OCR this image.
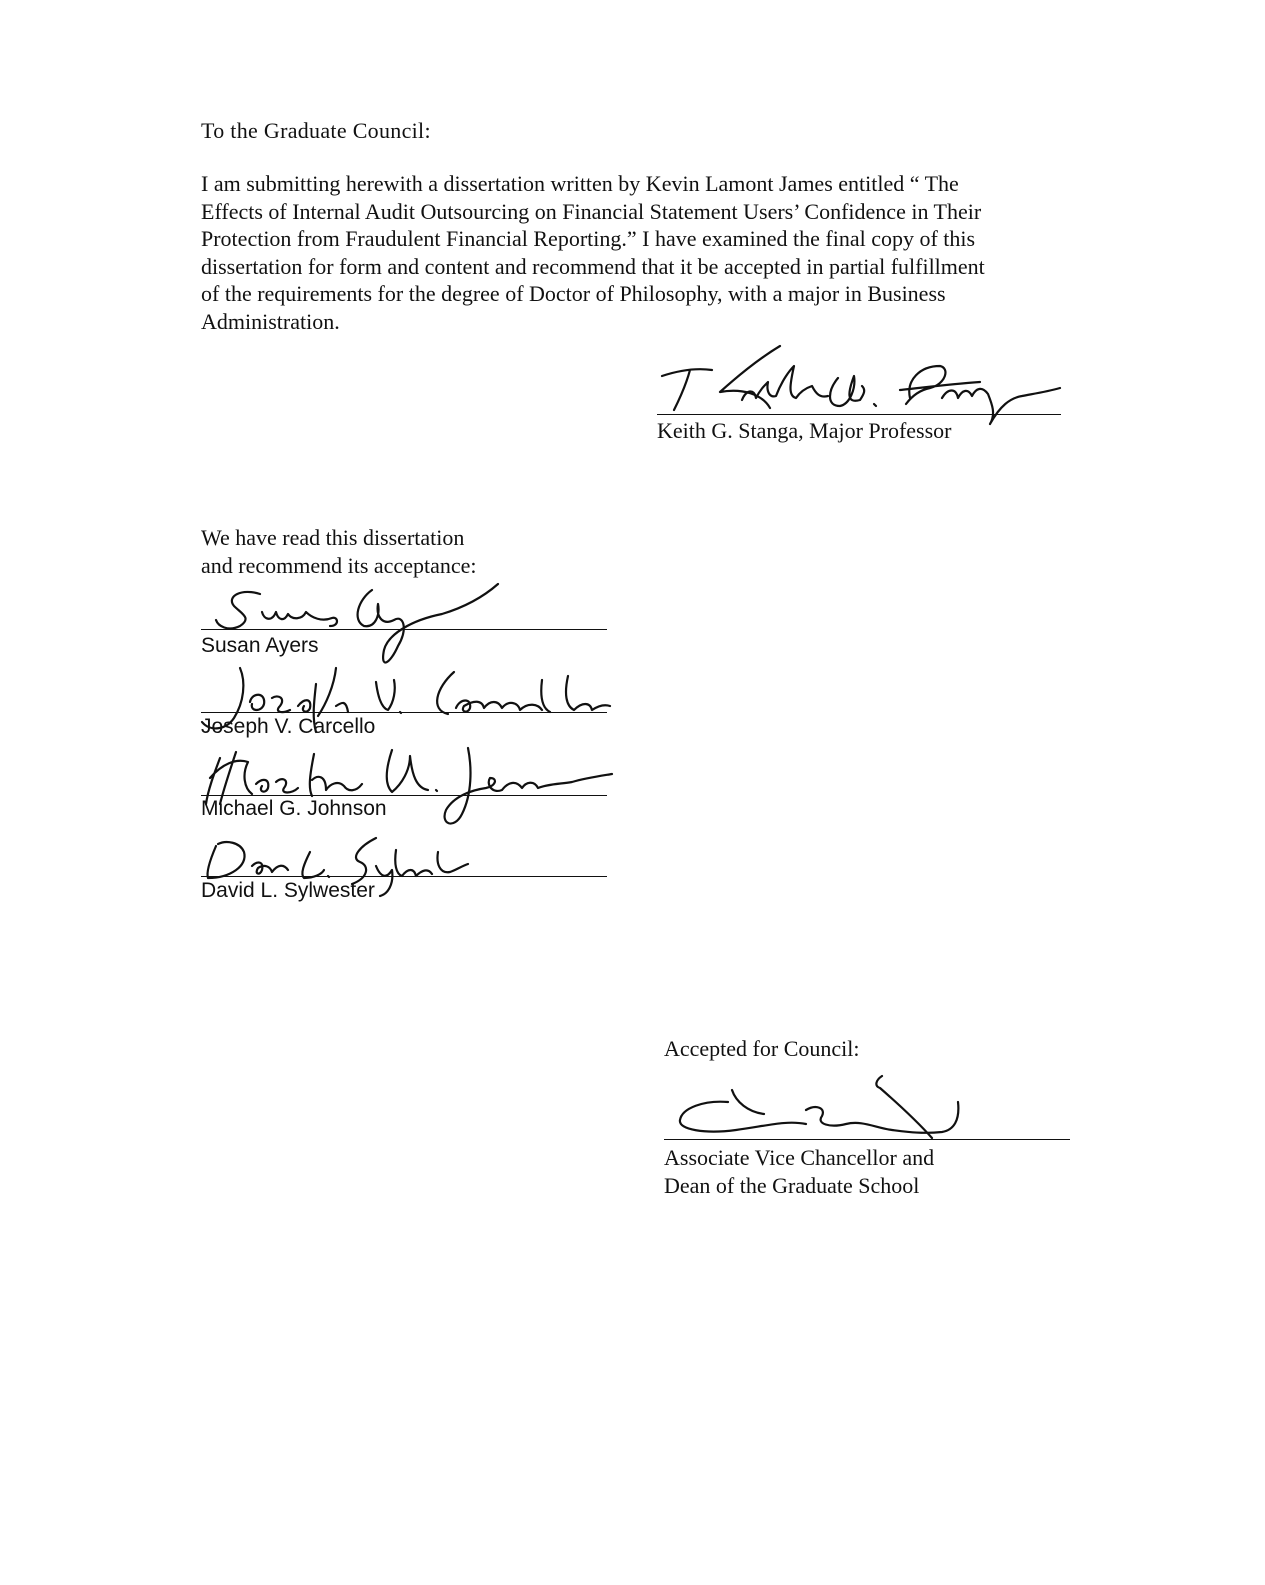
To the Graduate Council:

I am submitting herewith a dissertation written by Kevin Lamont James entitled “ The
Effects of Internal Audit Outsourcing on Financial Statement Users’ Confidence in Their
Protection from Fraudulent Financial Reporting.” I have examined the final copy of this
dissertation for form and content and recommend that it be accepted in partial fulfillment
of the requirements for the degree of Doctor of Philosophy, with a major in Business
Administration.

Keith G. Stanga, Major Professor

We have read this dissertation
and recommend its acceptance:

Susan Ayers
Joseph V. Carcello
Michael G. Johnson
David L. Sylwester
Accepted for Council:

Associate Vice Chancellor and
Dean of the Graduate School
